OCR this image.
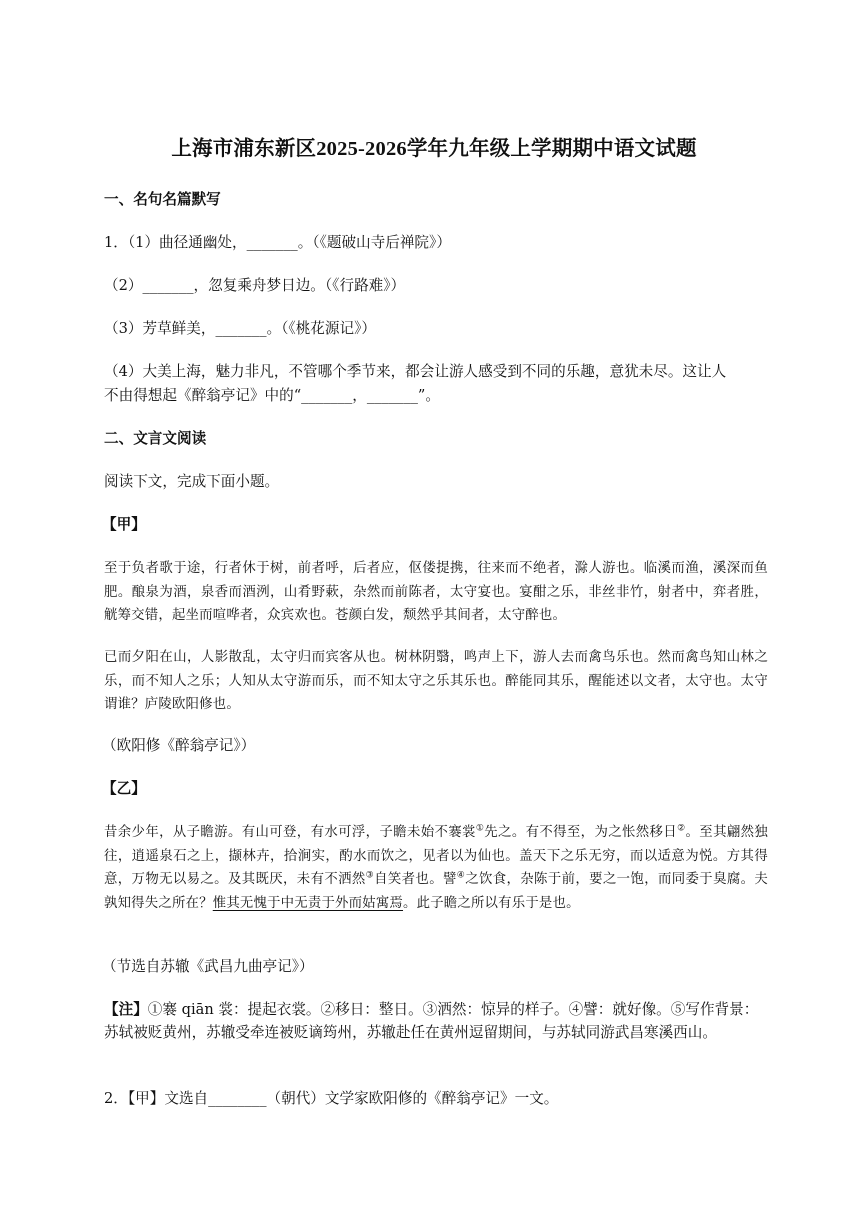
上海市浦东新区2025-2026学年九年级上学期期中语文试题
一、名句名篇默写
1．（1）曲径通幽处，_______。（《题破山寺后禅院》）
（2）_______，忽复乘舟梦日边。（《行路难》）
（3）芳草鲜美，_______。（《桃花源记》）
（4）大美上海，魅力非凡，不管哪个季节来，都会让游人感受到不同的乐趣，意犹未尽。这让人
不由得想起《醉翁亭记》中的“_______，_______”。
二、文言文阅读
阅读下文，完成下面小题。
【甲】
至于负者歌于途，行者休于树，前者呼，后者应，伛偻提携，往来而不绝者，滁人游也。临溪而渔，溪深而鱼肥。酿泉为酒，泉香而酒洌，山肴野蔌，杂然而前陈者，太守宴也。宴酣之乐，非丝非竹，射者中，弈者胜，觥筹交错，起坐而喧哗者，众宾欢也。苍颜白发，颓然乎其间者，太守醉也。
已而夕阳在山，人影散乱，太守归而宾客从也。树林阴翳，鸣声上下，游人去而禽鸟乐也。然而禽鸟知山林之乐，而不知人之乐；人知从太守游而乐，而不知太守之乐其乐也。醉能同其乐，醒能述以文者，太守也。太守谓谁？庐陵欧阳修也。
（欧阳修《醉翁亭记》）
【乙】
昔余少年，从子瞻游。有山可登，有水可浮，子瞻未始不褰裳①先之。有不得至，为之怅然移日②。至其翩然独往，逍遥泉石之上，撷林卉，拾涧实，酌水而饮之，见者以为仙也。盖天下之乐无穷，而以适意为悦。方其得意，万物无以易之。及其既厌，未有不洒然③自笑者也。譬④之饮食，杂陈于前，要之一饱，而同委于臭腐。夫孰知得失之所在？惟其无愧于中无责于外而姑寓焉。此子瞻之所以有乐于是也。
（节选自苏辙《武昌九曲亭记》）
【注】①褰 qiān 裳：提起衣裳。②移日：整日。③洒然：惊异的样子。④譬：就好像。⑤写作背景：苏轼被贬黄州，苏辙受牵连被贬谪筠州，苏辙赴任在黄州逗留期间，与苏轼同游武昌寒溪西山。
2．【甲】文选自________（朝代）文学家欧阳修的《醉翁亭记》一文。
